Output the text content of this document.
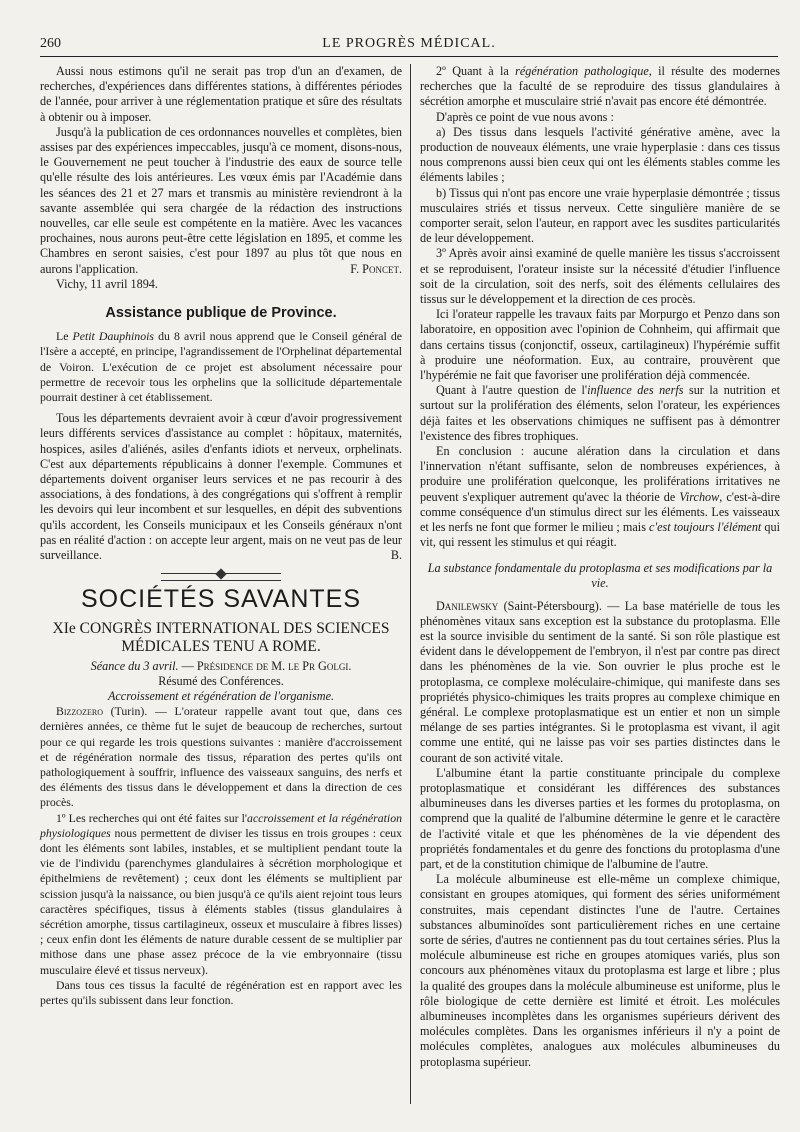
260	LE PROGRÈS MÉDICAL.

Aussi nous estimons qu'il ne serait pas trop d'un an d'examen, de recherches, d'expériences dans différentes stations, à différentes périodes de l'année, pour arriver à une réglementation pratique et sûre des résultats à obtenir ou à imposer.

Jusqu'à la publication de ces ordonnances nouvelles et complètes, bien assises par des expériences impeccables, jusqu'à ce moment, disons-nous, le Gouvernement ne peut toucher à l'industrie des eaux de source telle qu'elle résulte des lois antérieures. Les vœux émis par l'Académie dans les séances des 21 et 27 mars et transmis au ministère reviendront à la savante assemblée qui sera chargée de la rédaction des instructions nouvelles, car elle seule est compétente en la matière. Avec les vacances prochaines, nous aurons peut-être cette législation en 1895, et comme les Chambres en seront saisies, c'est pour 1897 au plus tôt que nous en aurons l'application.	F. Poncet.

Vichy, 11 avril 1894.

Assistance publique de Province.

Le Petit Dauphinois du 8 avril nous apprend que le Conseil général de l'Isère a accepté, en principe, l'agrandissement de l'Orphelinat départemental de Voiron. L'exécution de ce projet est absolument nécessaire pour permettre de recevoir tous les orphelins que la sollicitude départementale pourrait destiner à cet établissement.

Tous les départements devraient avoir à cœur d'avoir progressivement leurs différents services d'assistance au complet : hôpitaux, maternités, hospices, asiles d'aliénés, asiles d'enfants idiots et nerveux, orphelinats. C'est aux départements républicains à donner l'exemple. Communes et départements doivent organiser leurs services et ne pas recourir à des associations, à des fondations, à des congrégations qui s'offrent à remplir les devoirs qui leur incombent et sur lesquelles, en dépit des subventions qu'ils accordent, les Conseils municipaux et les Conseils généraux n'ont pas en réalité d'action : on accepte leur argent, mais on ne veut pas de leur surveillance.	B.
SOCIÉTÉS SAVANTES
XIe CONGRÈS INTERNATIONAL DES SCIENCES MÉDICALES TENU A ROME.

Séance du 3 avril. — Présidence de M. le Pr Golgi.

Résumé des Conférences.

Accroissement et régénération de l'organisme.

Bizzozero (Turin). — L'orateur rappelle avant tout que, dans ces dernières années, ce thème fut le sujet de beaucoup de recherches, surtout pour ce qui regarde les trois questions suivantes : manière d'accroissement et de régénération normale des tissus, réparation des pertes qu'ils ont pathologiquement à souffrir, influence des vaisseaux sanguins, des nerfs et des éléments des tissus dans le développement et dans la direction de ces procès.

1º Les recherches qui ont été faites sur l'accroissement et la régénération physiologiques nous permettent de diviser les tissus en trois groupes : ceux dont les éléments sont labiles, instables, et se multiplient pendant toute la vie de l'individu (parenchymes glandulaires à sécrétion morphologique et épithelmiens de revêtement) ; ceux dont les éléments se multiplient par scission jusqu'à la naissance, ou bien jusqu'à ce qu'ils aient rejoint tous leurs caractères spécifiques, tissus à éléments stables (tissus glandulaires à sécrétion amorphe, tissus cartilagineux, osseux et musculaire à fibres lisses) ; ceux enfin dont les éléments de nature durable cessent de se multiplier par mithose dans une phase assez précoce de la vie embryonnaire (tissu musculaire élevé et tissus nerveux).

Dans tous ces tissus la faculté de régénération est en rapport avec les pertes qu'ils subissent dans leur fonction.

2º Quant à la régénération pathologique, il résulte des modernes recherches que la faculté de se reproduire des tissus glandulaires à sécrétion amorphe et musculaire strié n'avait pas encore été démontrée.

D'après ce point de vue nous avons :

a) Des tissus dans lesquels l'activité générative amène, avec la production de nouveaux éléments, une vraie hyperplasie : dans ces tissus nous comprenons aussi bien ceux qui ont les éléments stables comme les éléments labiles ;

b) Tissus qui n'ont pas encore une vraie hyperplasie démontrée ; tissus musculaires striés et tissus nerveux. Cette singulière manière de se comporter serait, selon l'auteur, en rapport avec les susdites particularités de leur développement.

3º Après avoir ainsi examiné de quelle manière les tissus s'accroissent et se reproduisent, l'orateur insiste sur la nécessité d'étudier l'influence soit de la circulation, soit des nerfs, soit des éléments cellulaires des tissus sur le développement et la direction de ces procès.

Ici l'orateur rappelle les travaux faits par Morpurgo et Penzo dans son laboratoire, en opposition avec l'opinion de Cohnheim, qui affirmait que dans certains tissus (conjonctif, osseux, cartilagineux) l'hypérémie suffit à produire une néoformation. Eux, au contraire, prouvèrent que l'hypérémie ne fait que favoriser une prolifération déjà commencée.

Quant à l'autre question de l'influence des nerfs sur la nutrition et surtout sur la prolifération des éléments, selon l'orateur, les expériences déjà faites et les observations chimiques ne suffisent pas à démontrer l'existence des fibres trophiques.

En conclusion : aucune alération dans la circulation et dans l'innervation n'étant suffisante, selon de nombreuses expériences, à produire une prolifération quelconque, les proliférations irritatives ne peuvent s'expliquer autrement qu'avec la théorie de Virchow, c'est-à-dire comme conséquence d'un stimulus direct sur les éléments. Les vaisseaux et les nerfs ne font que former le milieu ; mais c'est toujours l'élément qui vit, qui ressent les stimulus et qui réagit.

La substance fondamentale du protoplasma et ses modifications par la vie.

Danilewsky (Saint-Pétersbourg). — La base matérielle de tous les phénomènes vitaux sans exception est la substance du protoplasma. Elle est la source invisible du sentiment de la santé. Si son rôle plastique est évident dans le développement de l'embryon, il n'est par contre pas direct dans les phénomènes de la vie. Son ouvrier le plus proche est le protoplasma, ce complexe moléculaire-chimique, qui manifeste dans ses propriétés physico-chimiques les traits propres au complexe chimique en général. Le complexe protoplasmatique est un entier et non un simple mélange de ses parties intégrantes. Si le protoplasma est vivant, il agit comme une entité, qui ne laisse pas voir ses parties distinctes dans le courant de son activité vitale.

L'albumine étant la partie constituante principale du complexe protoplasmatique et considérant les différences des substances albumineuses dans les diverses parties et les formes du protoplasma, on comprend que la qualité de l'albumine détermine le genre et le caractère de l'activité vitale et que les phénomènes de la vie dépendent des propriétés fondamentales et du genre des fonctions du protoplasma d'une part, et de la constitution chimique de l'albumine de l'autre.

La molécule albumineuse est elle-même un complexe chimique, consistant en groupes atomiques, qui forment des séries uniformément construites, mais cependant distinctes l'une de l'autre. Certaines substances albuminoïdes sont particulièrement riches en une certaine sorte de séries, d'autres ne contiennent pas du tout certaines séries. Plus la molécule albumineuse est riche en groupes atomiques variés, plus son concours aux phénomènes vitaux du protoplasma est large et libre ; plus la qualité des groupes dans la molécule albumineuse est uniforme, plus le rôle biologique de cette dernière est limité et étroit. Les molécules albumineuses incomplètes dans les organismes supérieurs dérivent des molécules complètes. Dans les organismes inférieurs il n'y a point de molécules complètes, analogues aux molécules albumineuses du protoplasma supérieur.
